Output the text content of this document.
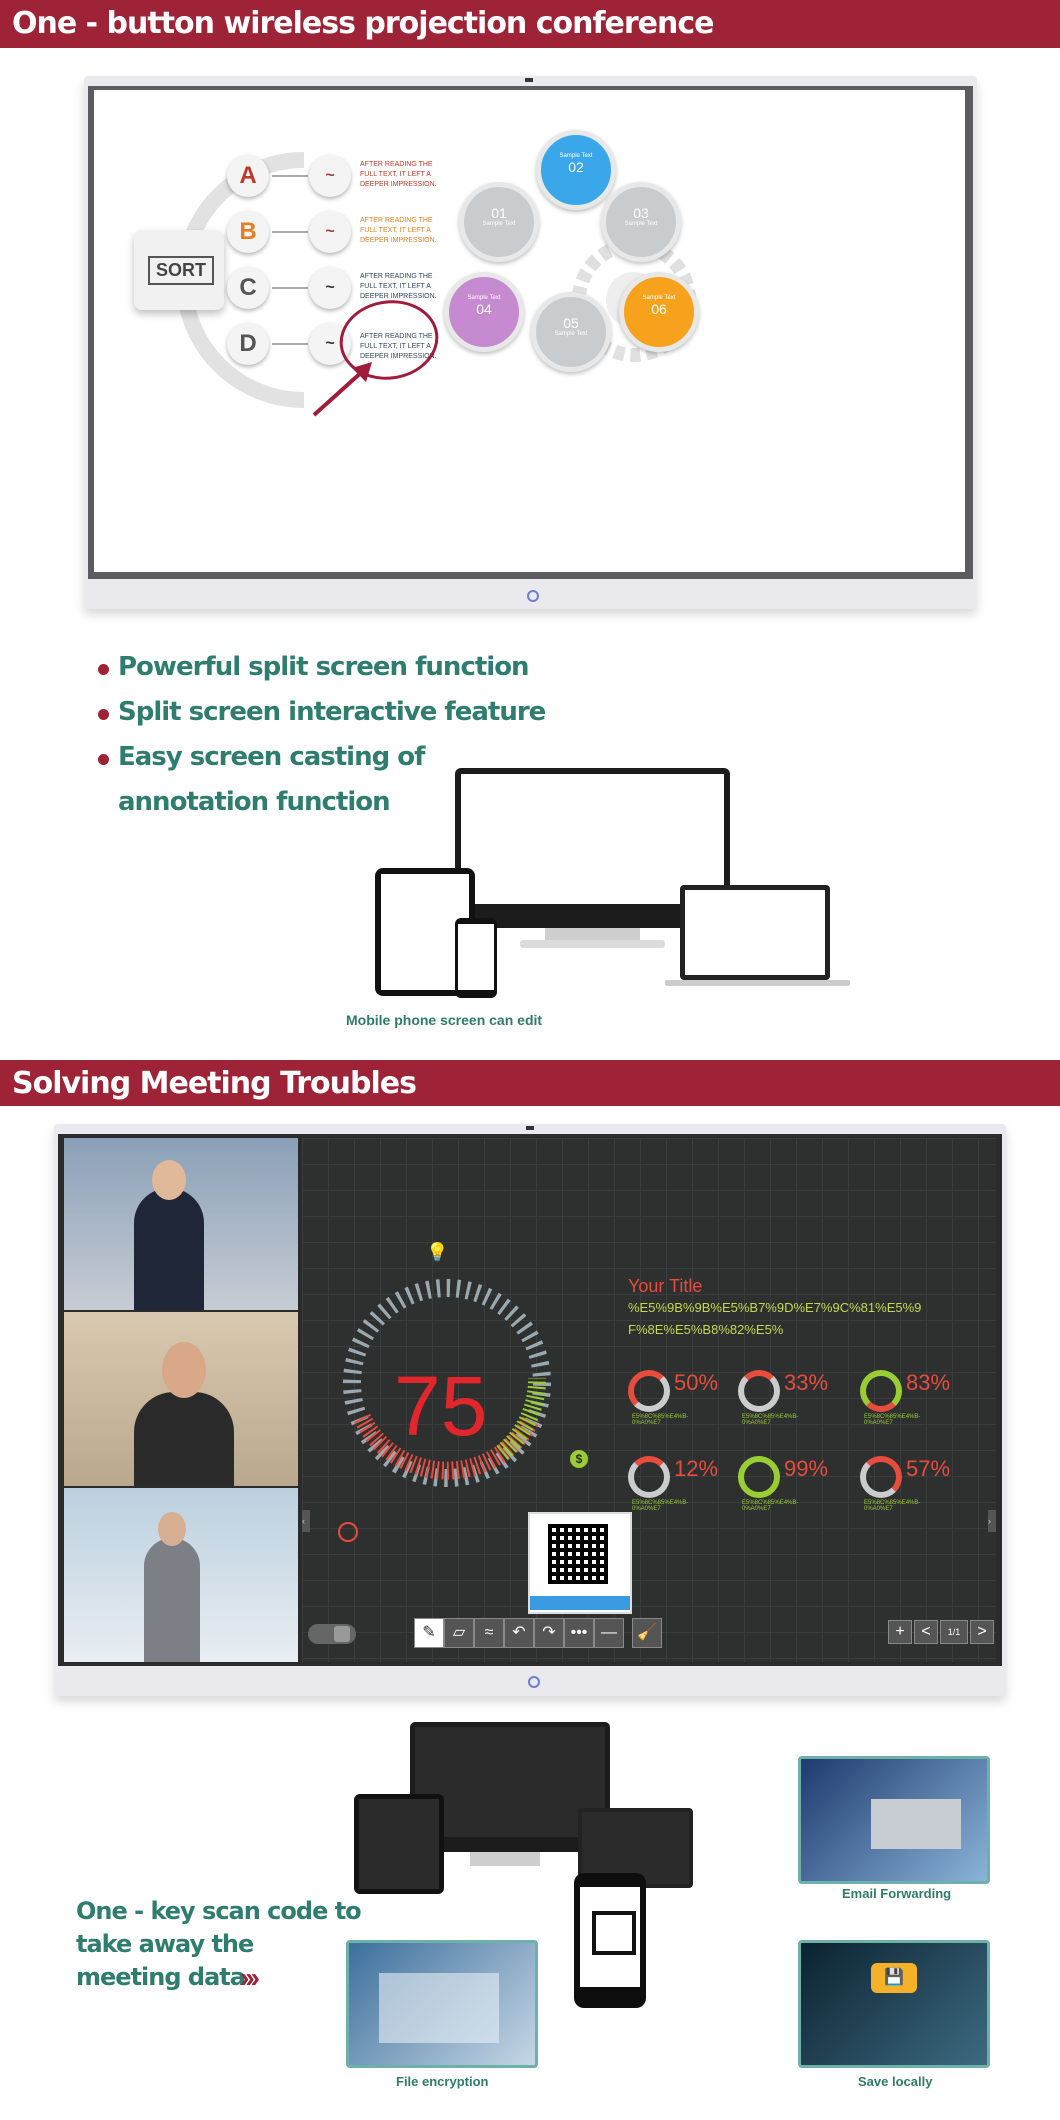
One - button wireless projection conference
SORT
A
B
C
D
~
~
~
~
AFTER READING THE FULL TEXT, IT LEFT A DEEPER IMPRESSION.
AFTER READING THE FULL TEXT, IT LEFT A DEEPER IMPRESSION.
AFTER READING THE FULL TEXT, IT LEFT A DEEPER IMPRESSION.
AFTER READING THE FULL TEXT, IT LEFT A DEEPER IMPRESSION.
01
Sample Text
Sample Text
02
03
Sample Text
Sample Text
04
05
Sample Text
Sample Text
06
Powerful split screen function
Split screen interactive feature
Easy screen casting of
annotation function
Mobile phone screen can edit
Solving Meeting Troubles
75
💡
$
Your Title
%E5%9B%9B%E5%B7%9D%E7%9C%81%E5%9
F%8E%E5%B8%82%E5%
50%
E5%8C%85%E4%B-0%A0%E7
33%
E5%8C%85%E4%B-0%A0%E7
83%
E5%8C%85%E4%B-0%A0%E7
12%
E5%8C%85%E4%B-0%A0%E7
99%
E5%8C%85%E4%B-0%A0%E7
57%
E5%8C%85%E4%B-0%A0%E7
‹	›
✎	▱	≈	↶	↷ ••• —	🧹	+	<	1/1	>
One - key scan code to
take away the
meeting data
›››
Email Forwarding
File encryption
💾
Save locally
